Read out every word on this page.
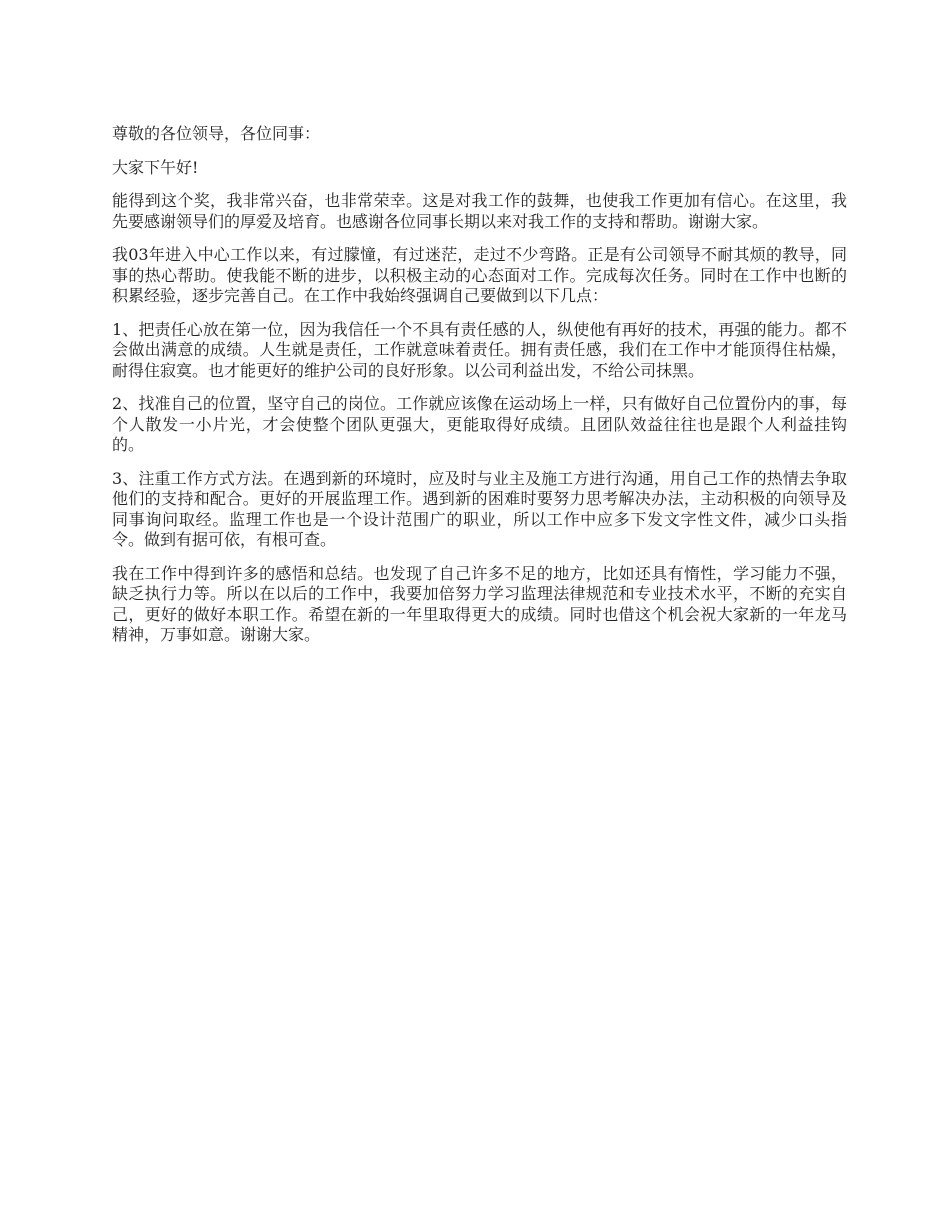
尊敬的各位领导，各位同事：

大家下午好!

能得到这个奖，我非常兴奋，也非常荣幸。这是对我工作的鼓舞，也使我工作更加有信心。在这里，我先要感谢领导们的厚爱及培育。也感谢各位同事长期以来对我工作的支持和帮助。谢谢大家。

我03年进入中心工作以来，有过朦憧，有过迷茫，走过不少弯路。正是有公司领导不耐其烦的教导，同事的热心帮助。使我能不断的进步，以积极主动的心态面对工作。完成每次任务。同时在工作中也断的积累经验，逐步完善自己。在工作中我始终强调自己要做到以下几点：

1、把责任心放在第一位，因为我信任一个不具有责任感的人，纵使他有再好的技术，再强的能力。都不会做出满意的成绩。人生就是责任，工作就意味着责任。拥有责任感，我们在工作中才能顶得住枯燥，耐得住寂寞。也才能更好的维护公司的良好形象。以公司利益出发，不给公司抹黑。

2、找准自己的位置，坚守自己的岗位。工作就应该像在运动场上一样，只有做好自己位置份内的事，每个人散发一小片光，才会使整个团队更强大，更能取得好成绩。且团队效益往往也是跟个人利益挂钩的。

3、注重工作方式方法。在遇到新的环境时，应及时与业主及施工方进行沟通，用自己工作的热情去争取他们的支持和配合。更好的开展监理工作。遇到新的困难时要努力思考解决办法，主动积极的向领导及同事询问取经。监理工作也是一个设计范围广的职业，所以工作中应多下发文字性文件，减少口头指令。做到有据可依，有根可查。

我在工作中得到许多的感悟和总结。也发现了自己许多不足的地方，比如还具有惰性，学习能力不强，缺乏执行力等。所以在以后的工作中，我要加倍努力学习监理法律规范和专业技术水平，不断的充实自己，更好的做好本职工作。希望在新的一年里取得更大的成绩。同时也借这个机会祝大家新的一年龙马精神，万事如意。谢谢大家。
